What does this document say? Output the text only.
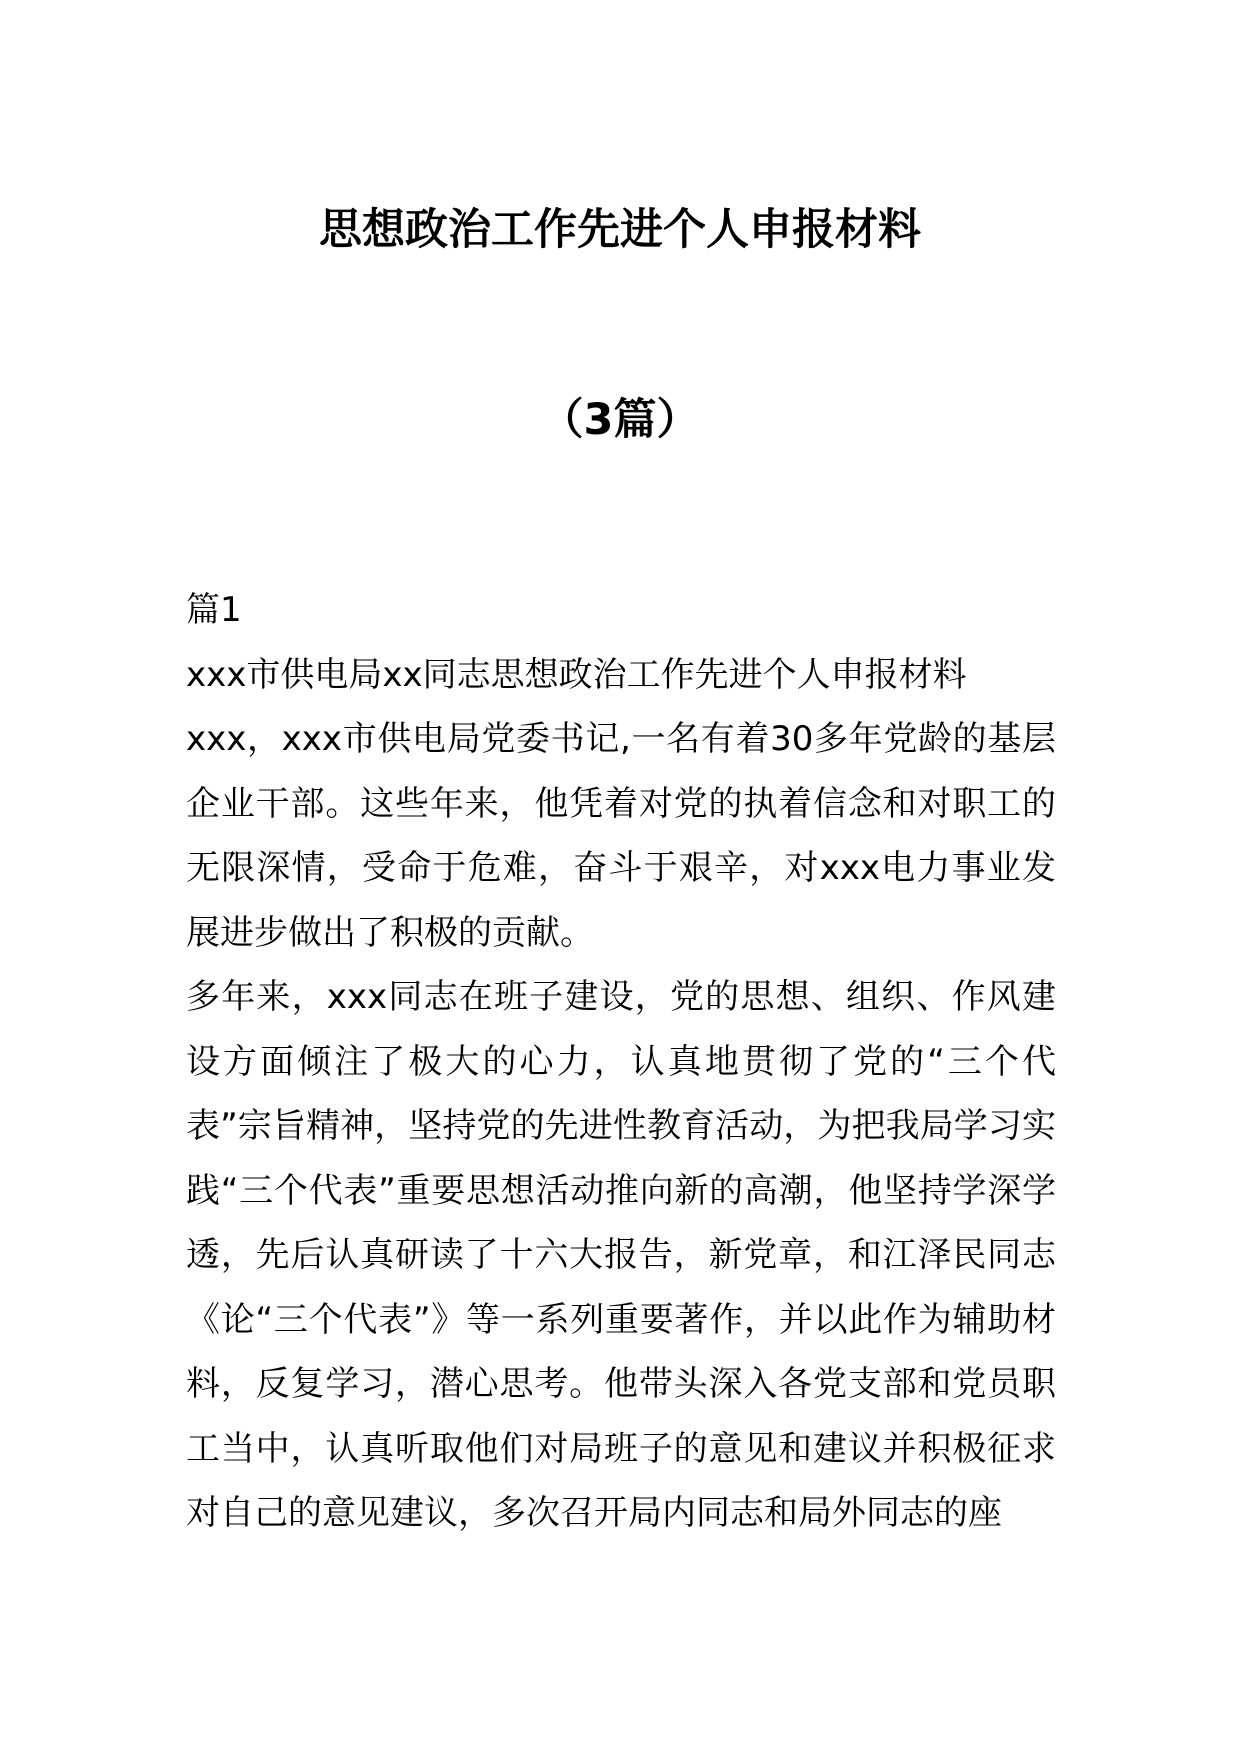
思想政治工作先进个人申报材料
（3篇）

篇1

xxx市供电局xx同志思想政治工作先进个人申报材料

xxx，xxx市供电局党委书记,一名有着30多年党龄的基层企业干部。这些年来，他凭着对党的执着信念和对职工的无限深情，受命于危难，奋斗于艰辛，对xxx电力事业发展进步做出了积极的贡献。

多年来，xxx同志在班子建设，党的思想、组织、作风建设方面倾注了极大的心力，认真地贯彻了党的“三个代表”宗旨精神，坚持党的先进性教育活动，为把我局学习实践“三个代表”重要思想活动推向新的高潮，他坚持学深学透，先后认真研读了十六大报告，新党章，和江泽民同志《论“三个代表”》等一系列重要著作，并以此作为辅助材料，反复学习，潜心思考。他带头深入各党支部和党员职工当中，认真听取他们对局班子的意见和建议并积极征求对自己的意见建议，多次召开局内同志和局外同志的座
